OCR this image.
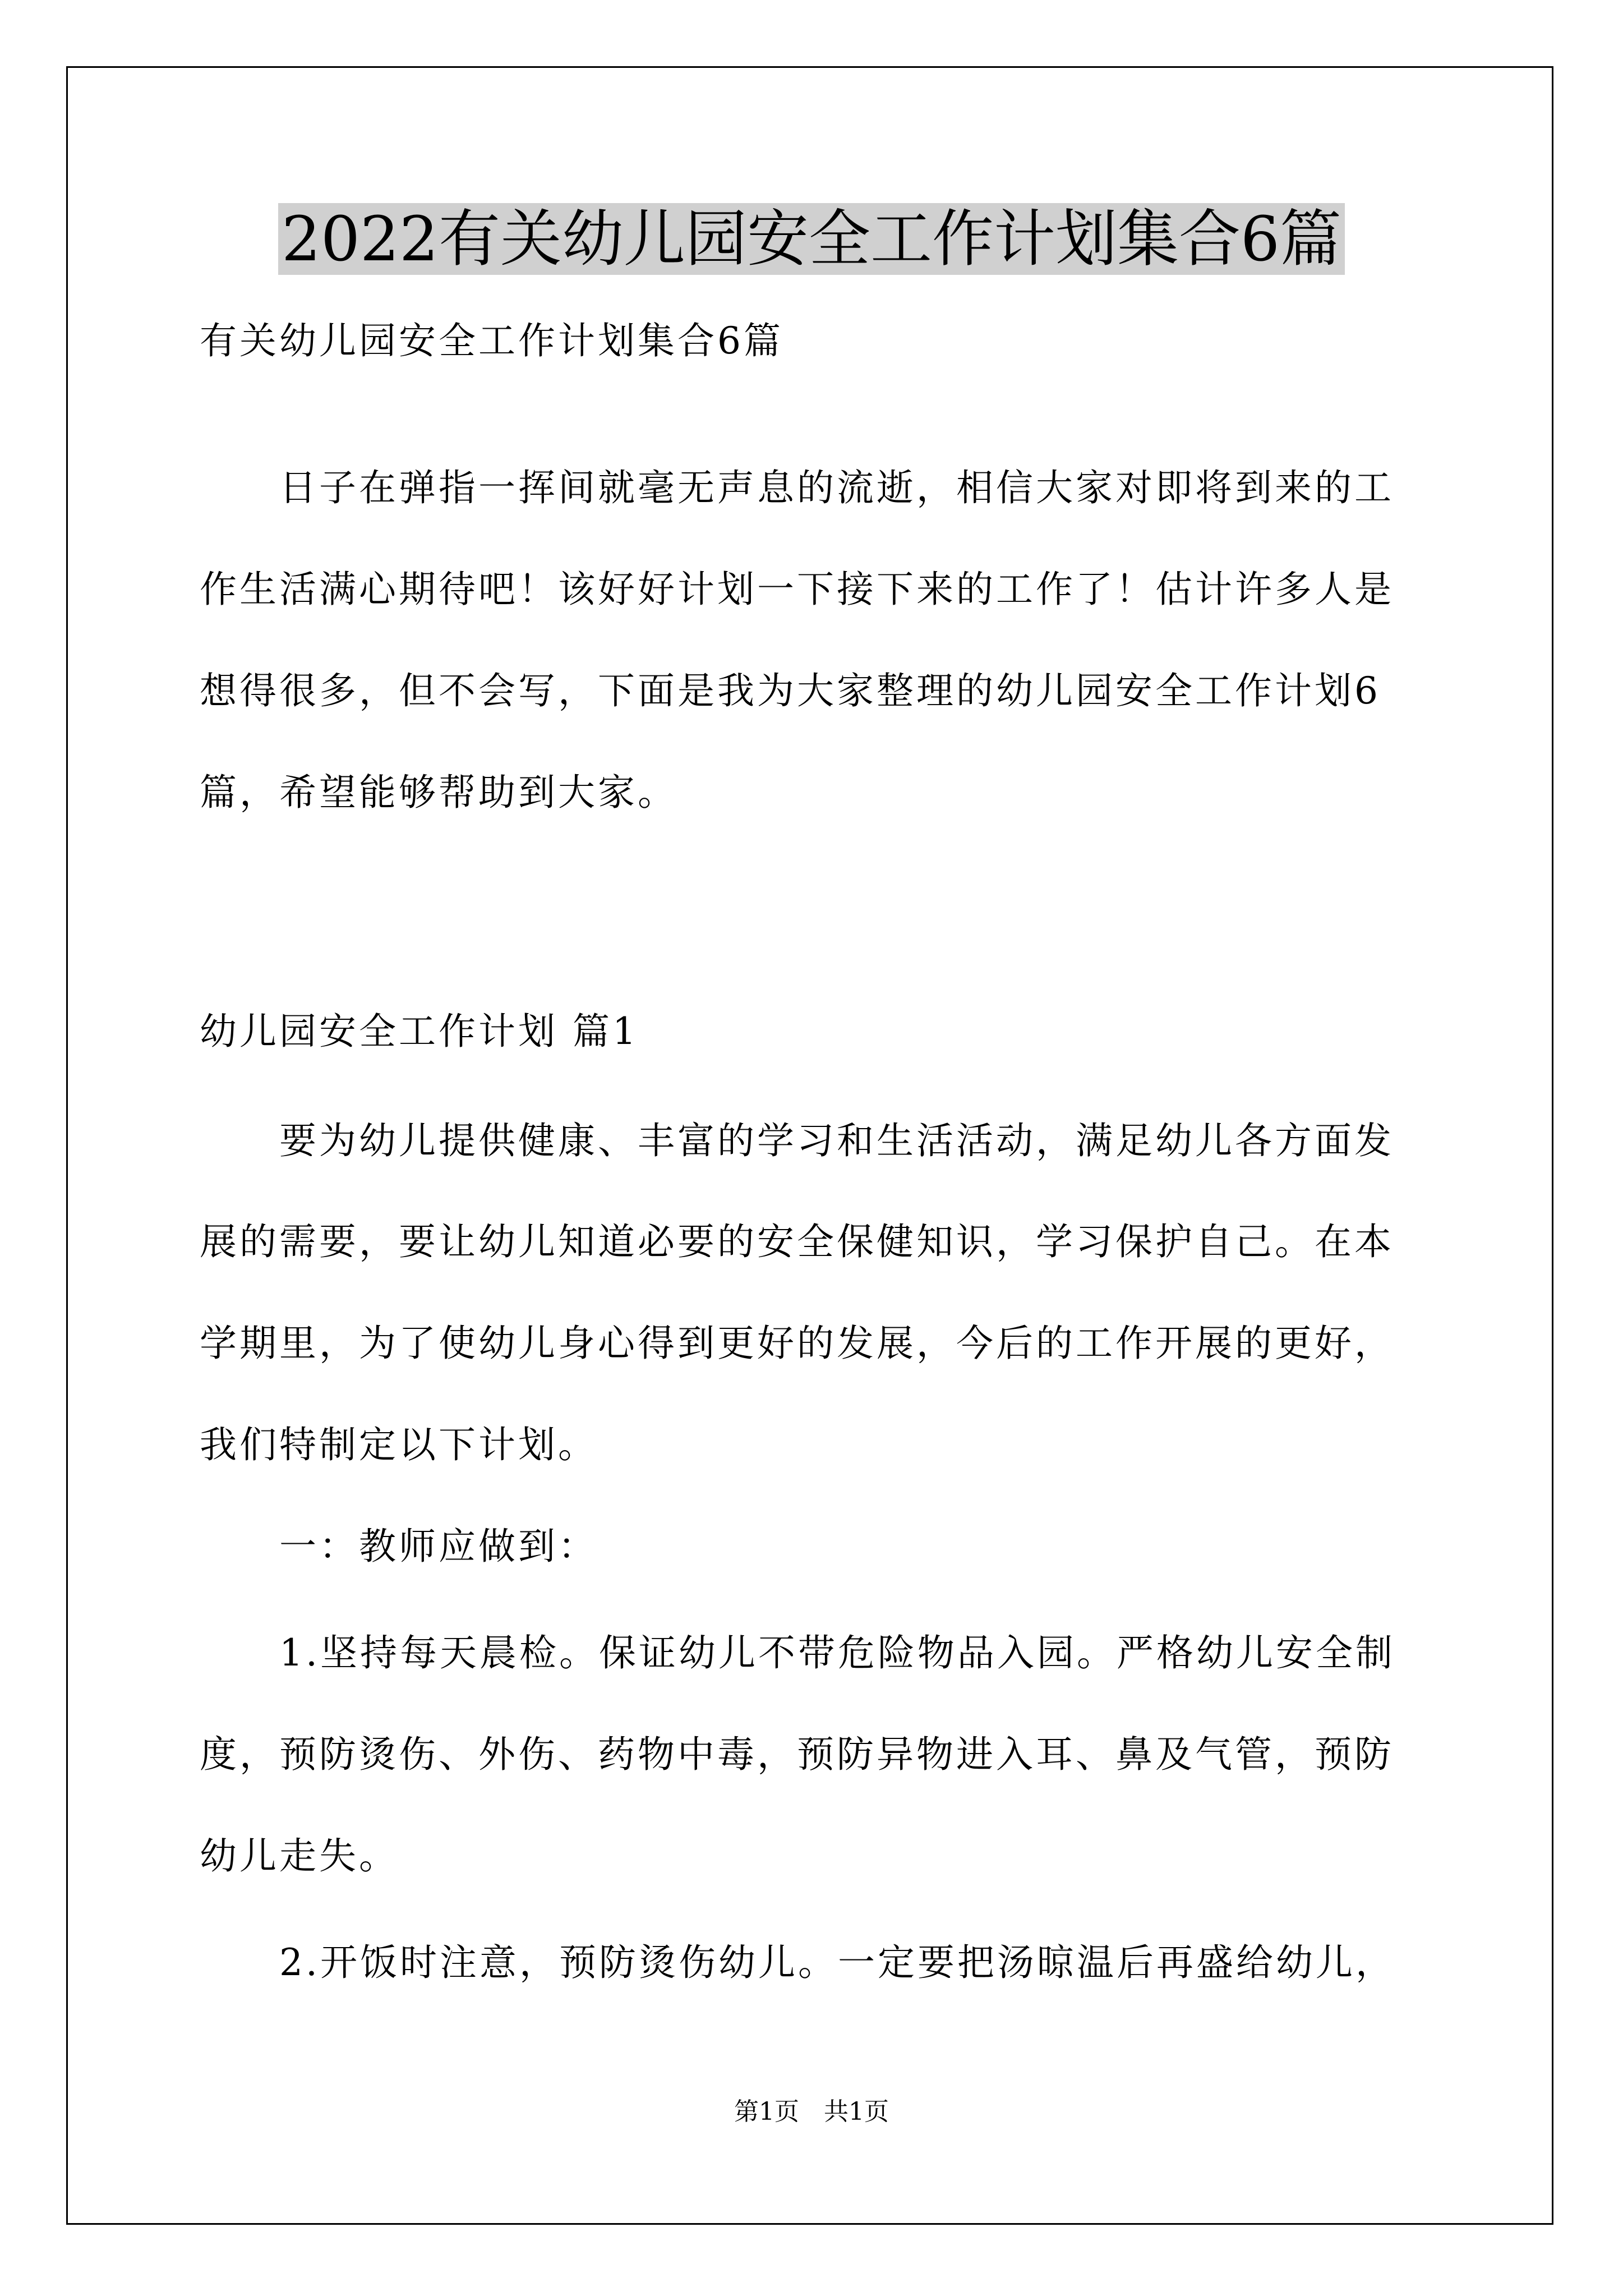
2022有关幼儿园安全工作计划集合6篇
有关幼儿园安全工作计划集合6篇
　　日子在弹指一挥间就毫无声息的流逝，相信大家对即将到来的工
作生活满心期待吧！该好好计划一下接下来的工作了！估计许多人是
想得很多，但不会写，下面是我为大家整理的幼儿园安全工作计划6
篇，希望能够帮助到大家。
幼儿园安全工作计划 篇1
　　要为幼儿提供健康、丰富的学习和生活活动，满足幼儿各方面发
展的需要，要让幼儿知道必要的安全保健知识，学习保护自己。在本
学期里，为了使幼儿身心得到更好的发展，今后的工作开展的更好，
我们特制定以下计划。
　　一：教师应做到：
　　1.坚持每天晨检。保证幼儿不带危险物品入园。严格幼儿安全制
度，预防烫伤、外伤、药物中毒，预防异物进入耳、鼻及气管，预防
幼儿走失。
　　2.开饭时注意，预防烫伤幼儿。一定要把汤晾温后再盛给幼儿，
第1页　共1页
